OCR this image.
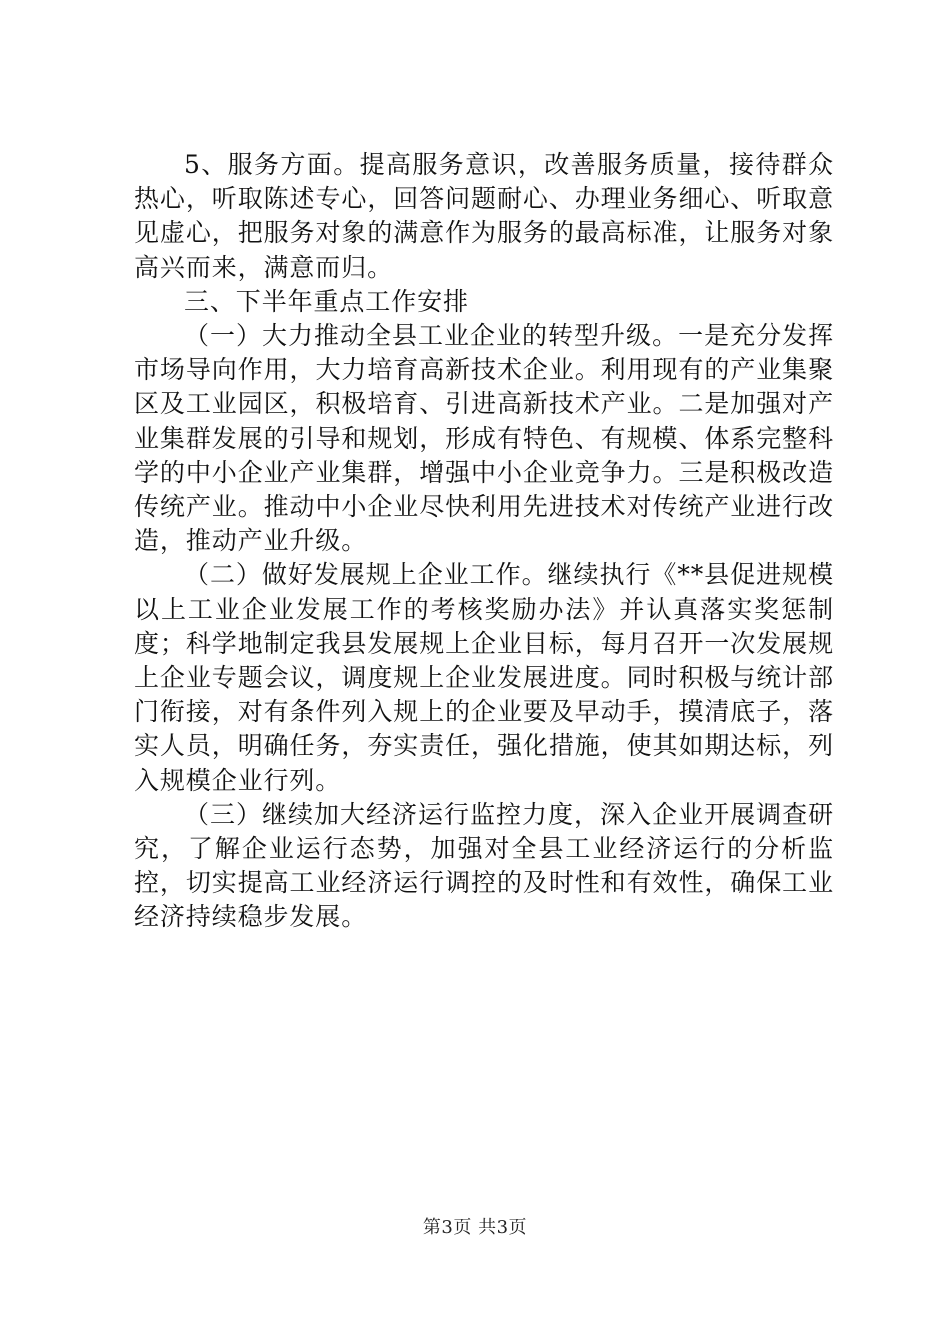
5、服务方面。提高服务意识，改善服务质量，接待群众热心，听取陈述专心，回答问题耐心、办理业务细心、听取意见虚心，把服务对象的满意作为服务的最高标准，让服务对象高兴而来，满意而归。

三、下半年重点工作安排

（一）大力推动全县工业企业的转型升级。一是充分发挥市场导向作用，大力培育高新技术企业。利用现有的产业集聚区及工业园区，积极培育、引进高新技术产业。二是加强对产业集群发展的引导和规划，形成有特色、有规模、体系完整科学的中小企业产业集群，增强中小企业竞争力。三是积极改造传统产业。推动中小企业尽快利用先进技术对传统产业进行改造，推动产业升级。

（二）做好发展规上企业工作。继续执行《**县促进规模以上工业企业发展工作的考核奖励办法》并认真落实奖惩制度；科学地制定我县发展规上企业目标，每月召开一次发展规上企业专题会议，调度规上企业发展进度。同时积极与统计部门衔接，对有条件列入规上的企业要及早动手，摸清底子，落实人员，明确任务，夯实责任，强化措施，使其如期达标，列入规模企业行列。

（三）继续加大经济运行监控力度，深入企业开展调查研究，了解企业运行态势，加强对全县工业经济运行的分析监控，切实提高工业经济运行调控的及时性和有效性，确保工业经济持续稳步发展。

第3页 共3页
